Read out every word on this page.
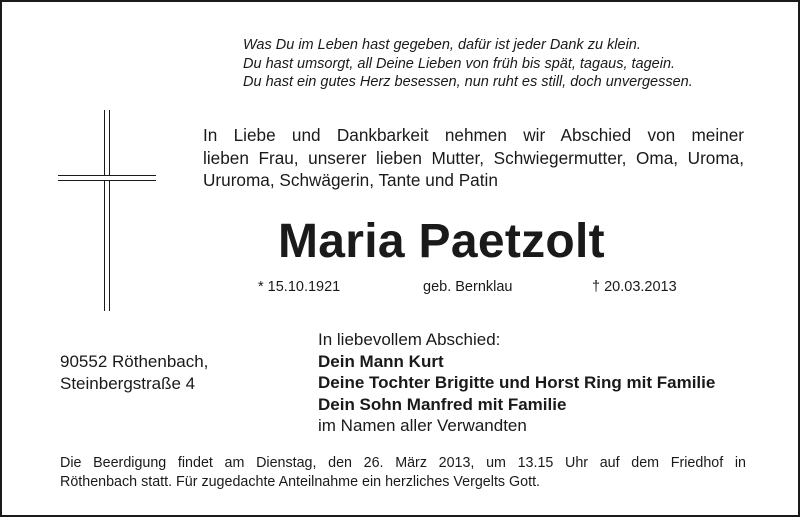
Was Du im Leben hast gegeben, dafür ist jeder Dank zu klein.
Du hast umsorgt, all Deine Lieben von früh bis spät, tagaus, tagein.
Du hast ein gutes Herz besessen, nun ruht es still, doch unvergessen.
In Liebe und Dankbarkeit nehmen wir Abschied von meiner
lieben Frau, unserer lieben Mutter, Schwiegermutter, Oma, Uroma,
Ururoma, Schwägerin, Tante und Patin
Maria Paetzolt
* 15.10.1921	geb. Bernklau	† 20.03.2013
90552 Röthenbach,
Steinbergstraße 4
In liebevollem Abschied:
Dein Mann Kurt
Deine Tochter Brigitte und Horst Ring mit Familie
Dein Sohn Manfred mit Familie
im Namen aller Verwandten
Die Beerdigung findet am Dienstag, den 26. März 2013, um 13.15 Uhr auf dem Friedhof in
Röthenbach statt. Für zugedachte Anteilnahme ein herzliches Vergelts Gott.
